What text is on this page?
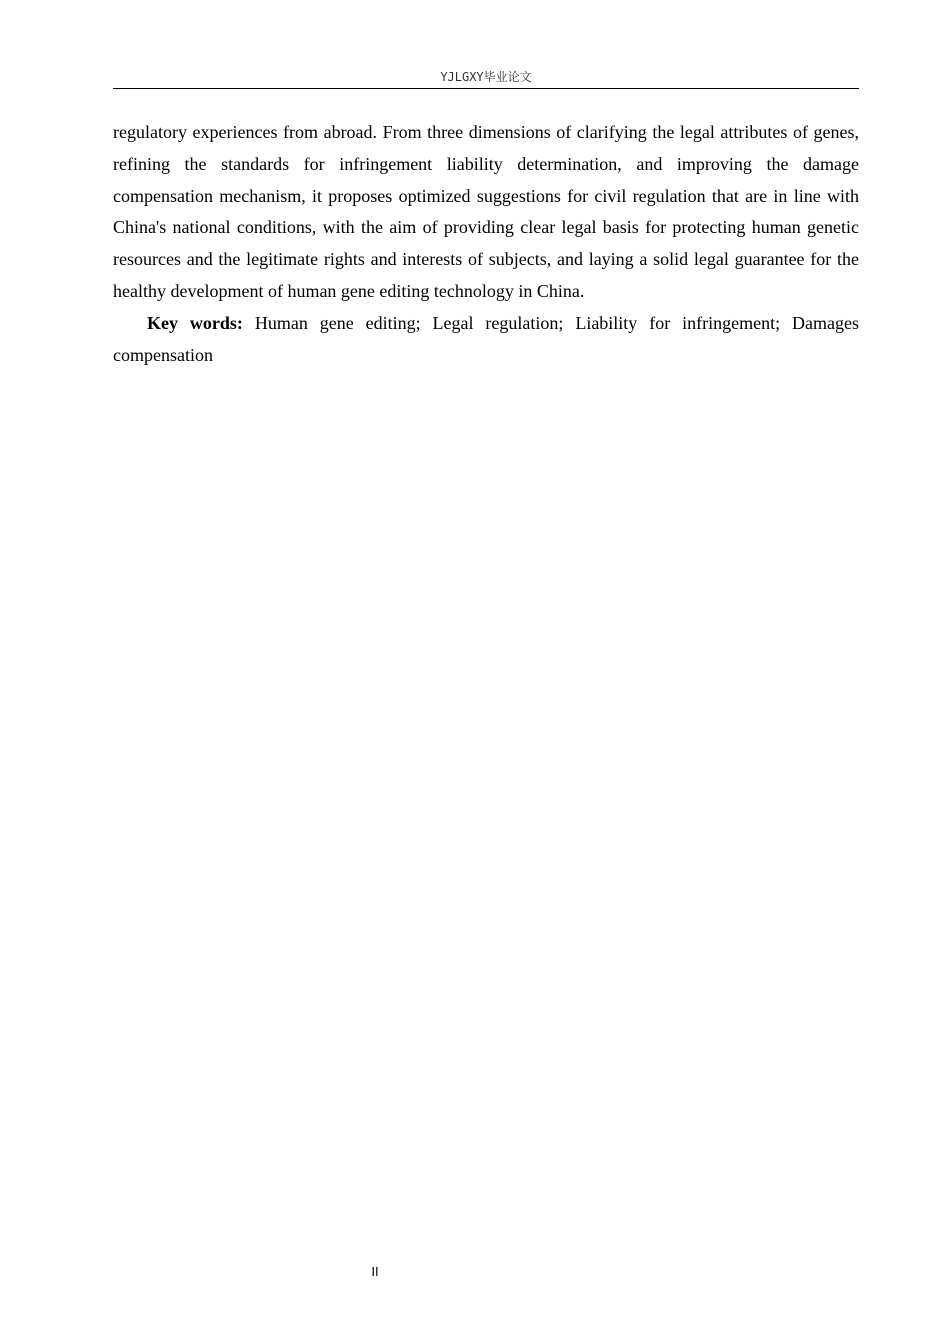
YJLGXY毕业论文

regulatory experiences from abroad. From three dimensions of clarifying the legal attributes of genes, refining the standards for infringement liability determination, and improving the damage compensation mechanism, it proposes optimized suggestions for civil regulation that are in line with China's national conditions, with the aim of providing clear legal basis for protecting human genetic resources and the legitimate rights and interests of subjects, and laying a solid legal guarantee for the healthy development of human gene editing technology in China.

Key words: Human gene editing; Legal regulation; Liability for infringement; Damages compensation

II
